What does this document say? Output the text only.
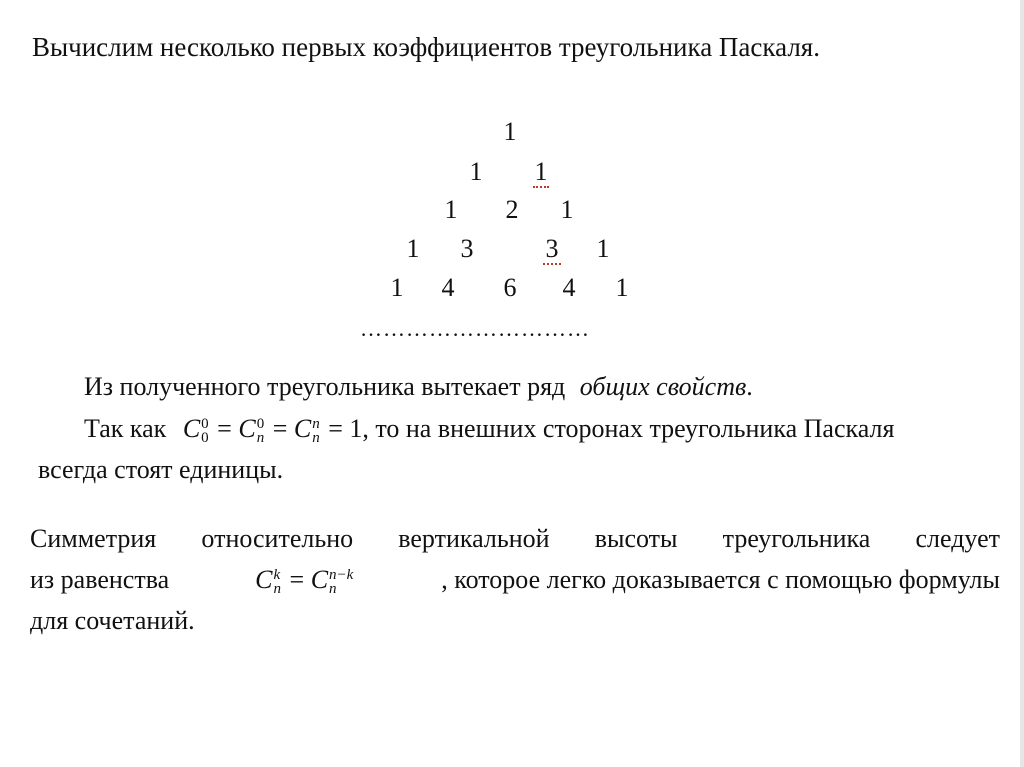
Вычислим несколько первых коэффициентов треугольника Паскаля.
1
1 1
1 2 1
1 3	3 1
1 4 6 4 1
…………………………
Из полученного треугольника вытекает ряд общих свойств.
Так как C 0
0 = C 0
n = C n
n = 1, то на внешних сторонах треугольника Паскаля
всегда стоят единицы.
Симметрия относительно вертикальной высоты треугольника следует
из равенства	C k
n = C n−k
n	, которое легко доказывается с помощью формулы
для сочетаний.
